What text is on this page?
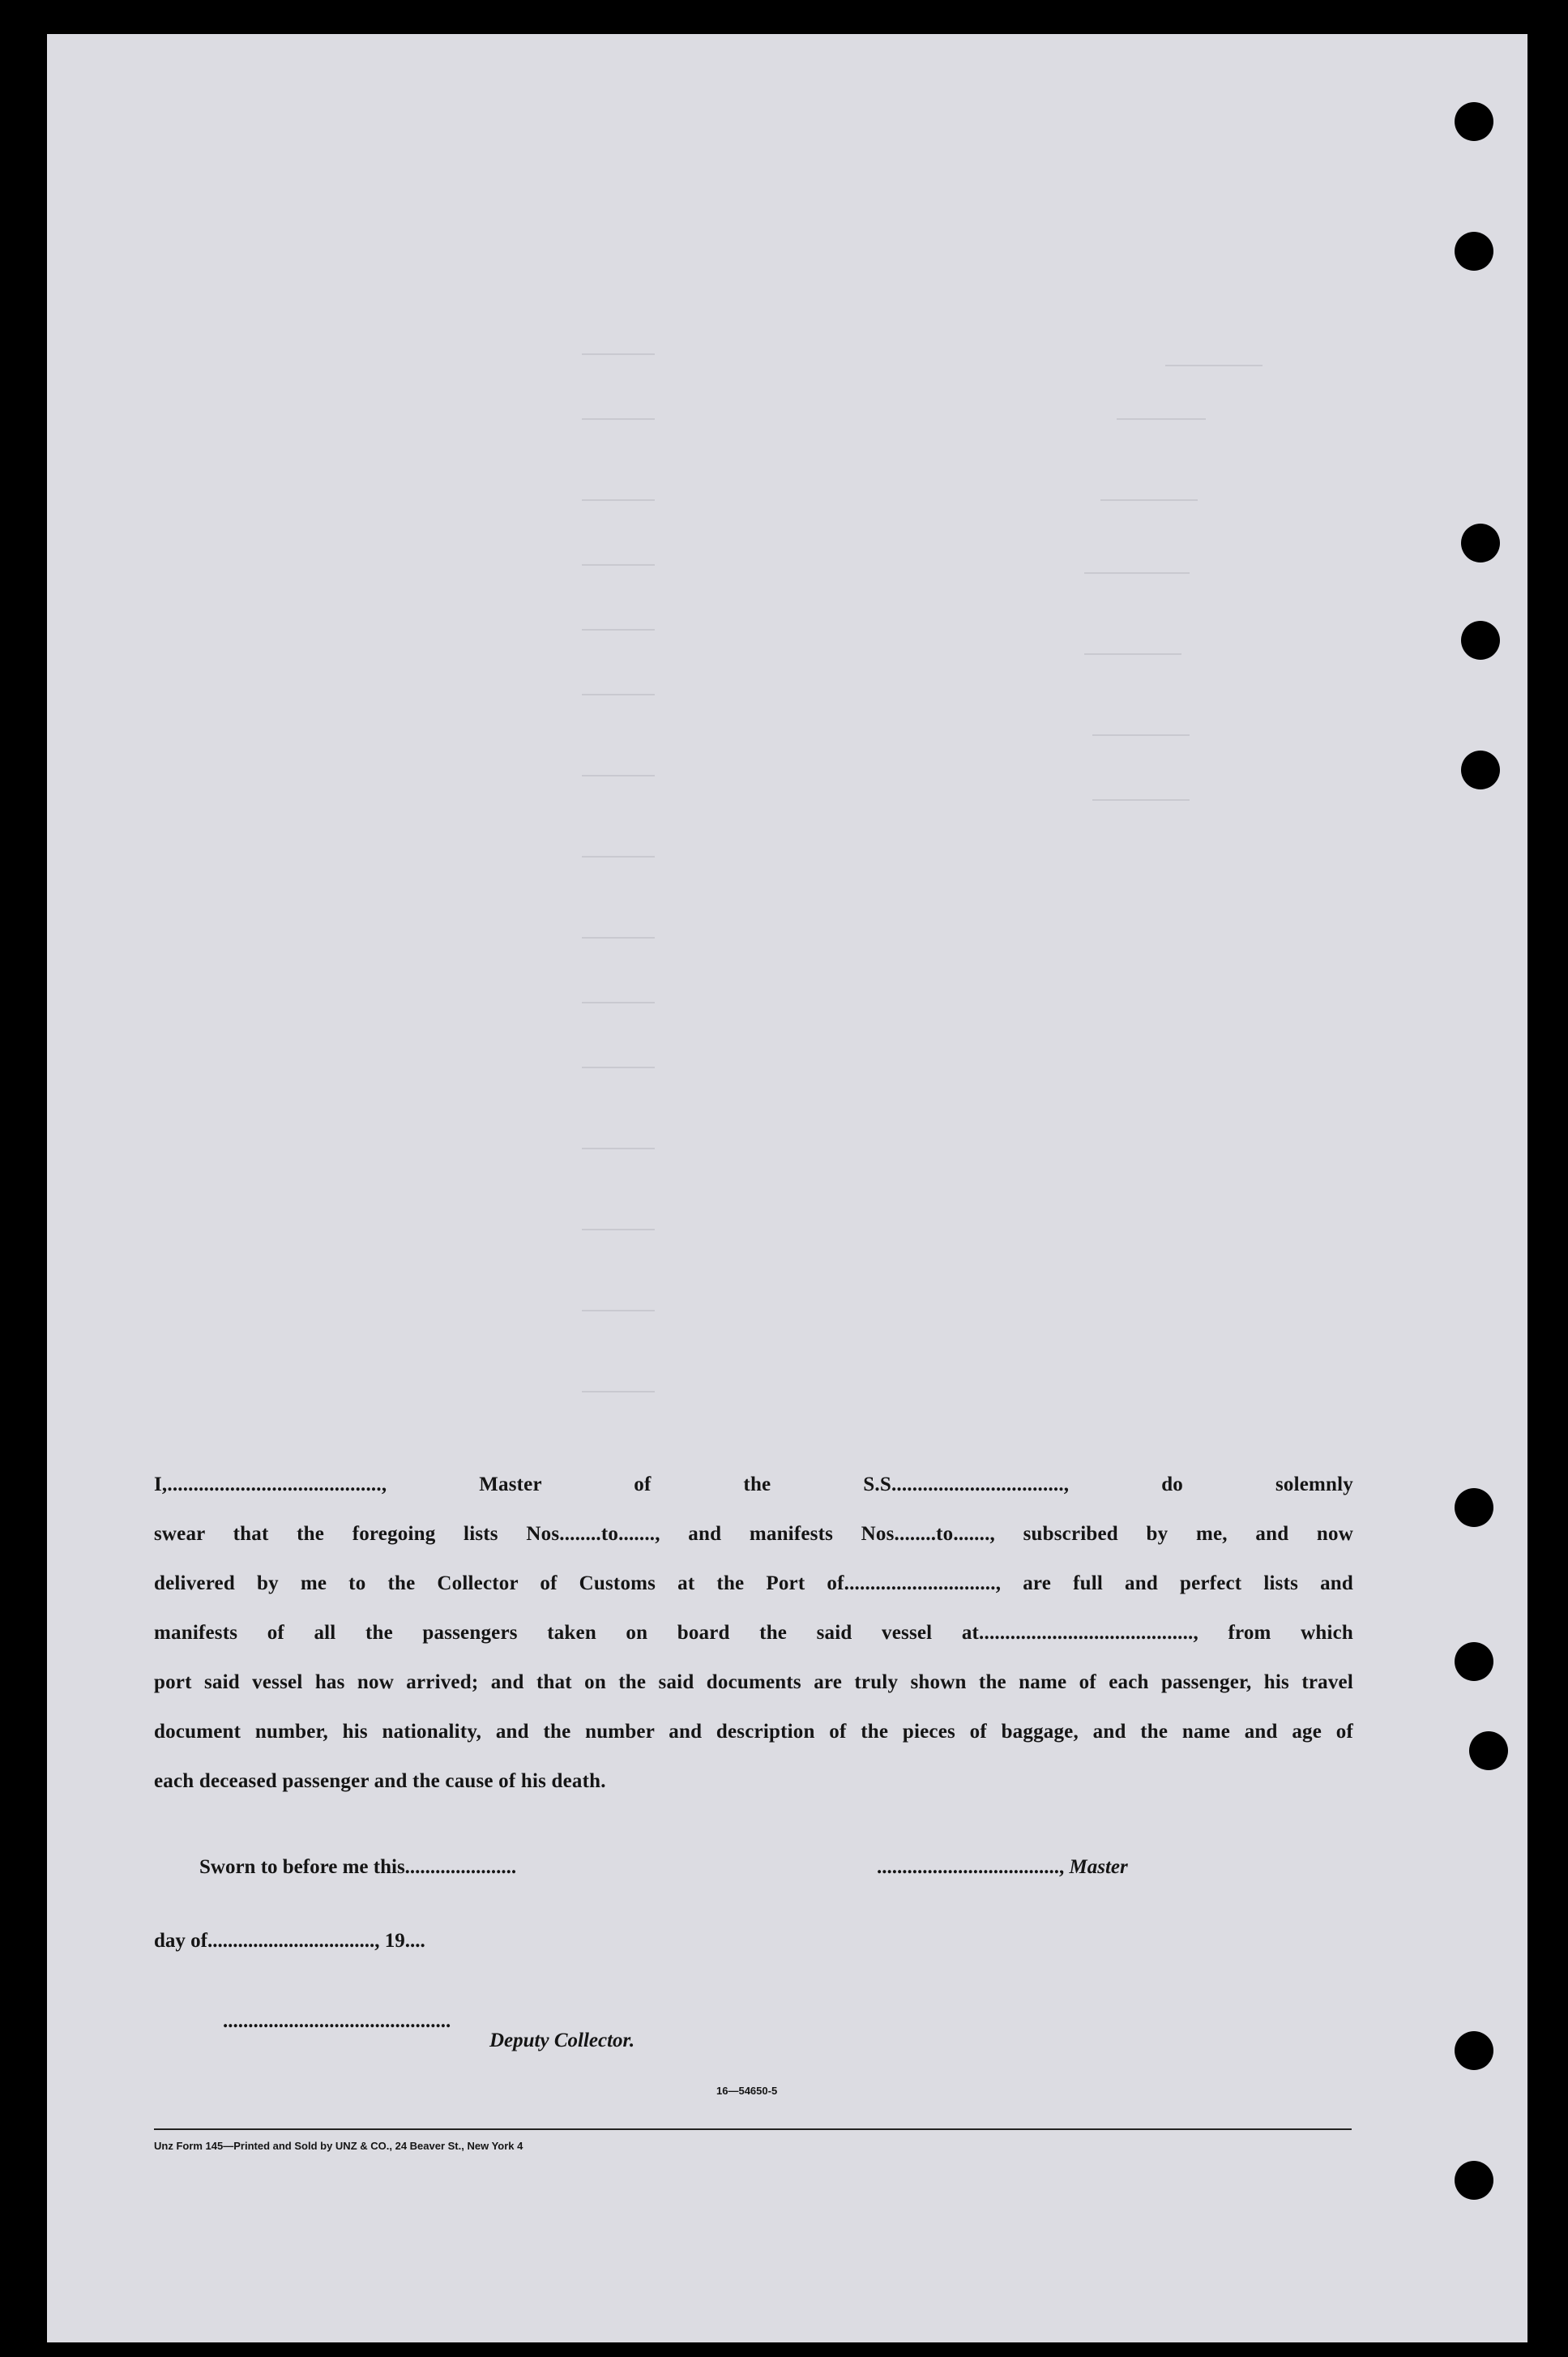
I,........................................., Master of the S.S................................., do solemnly
swear that the foregoing lists Nos........to......., and manifests Nos........to......., subscribed by me, and now
delivered by me to the Collector of Customs at the Port of............................., are full and perfect lists and
manifests of all the passengers taken on board the said vessel at........................................., from which
port said vessel has now arrived; and that on the said documents are truly shown the name of each passenger, his travel
document number, his nationality, and the number and description of the pieces of baggage, and the name and age of
each deceased passenger and the cause of his death.
Sworn to before me this......................	...................................., Master
day of................................., 19....
.............................................
Deputy Collector.
16—54650-5
Unz Form 145—Printed and Sold by UNZ & CO., 24 Beaver St., New York 4
